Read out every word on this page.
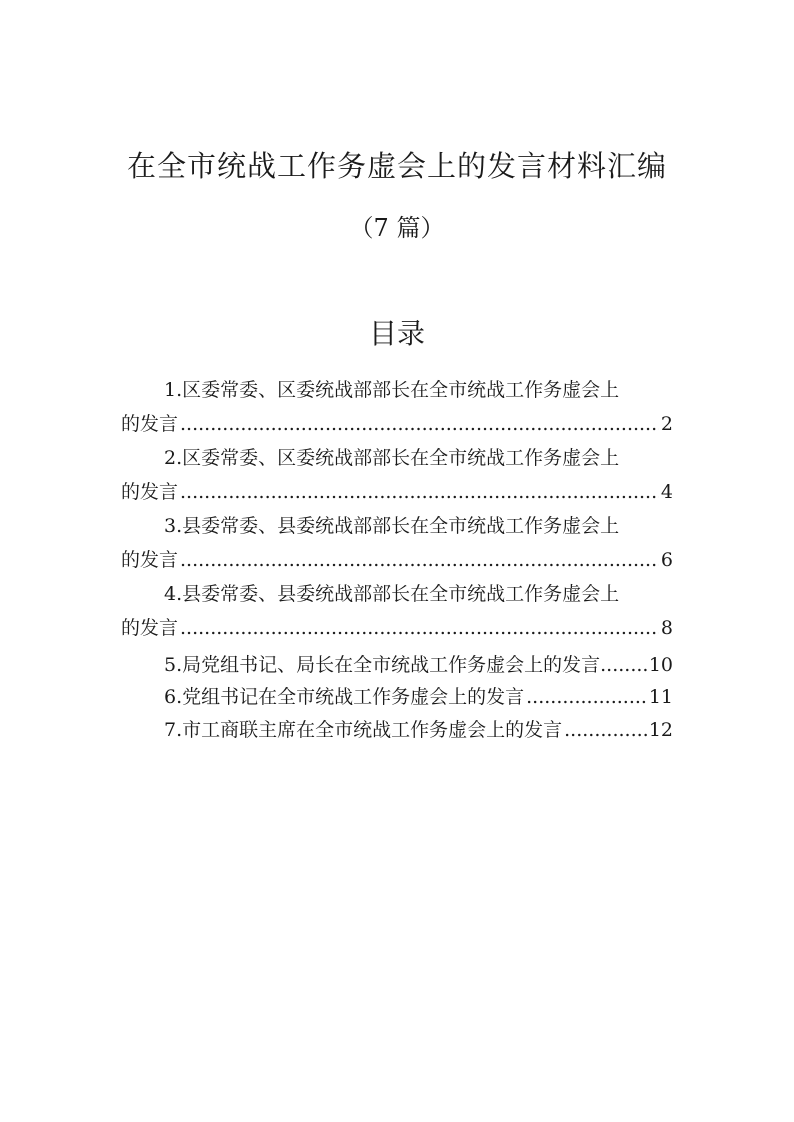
在全市统战工作务虚会上的发言材料汇编
（7 篇）
目录
1.区委常委、区委统战部部长在全市统战工作务虚会上
的发言 .....	2
2.区委常委、区委统战部部长在全市统战工作务虚会上
的发言 .....	4
3.县委常委、县委统战部部长在全市统战工作务虚会上
的发言 .....	6
4.县委常委、县委统战部部长在全市统战工作务虚会上
的发言 .....	8
5.局党组书记、局长在全市统战工作务虚会上的发言 .....	10
6.党组书记在全市统战工作务虚会上的发言 .....	11
7.市工商联主席在全市统战工作务虚会上的发言 .....	12
